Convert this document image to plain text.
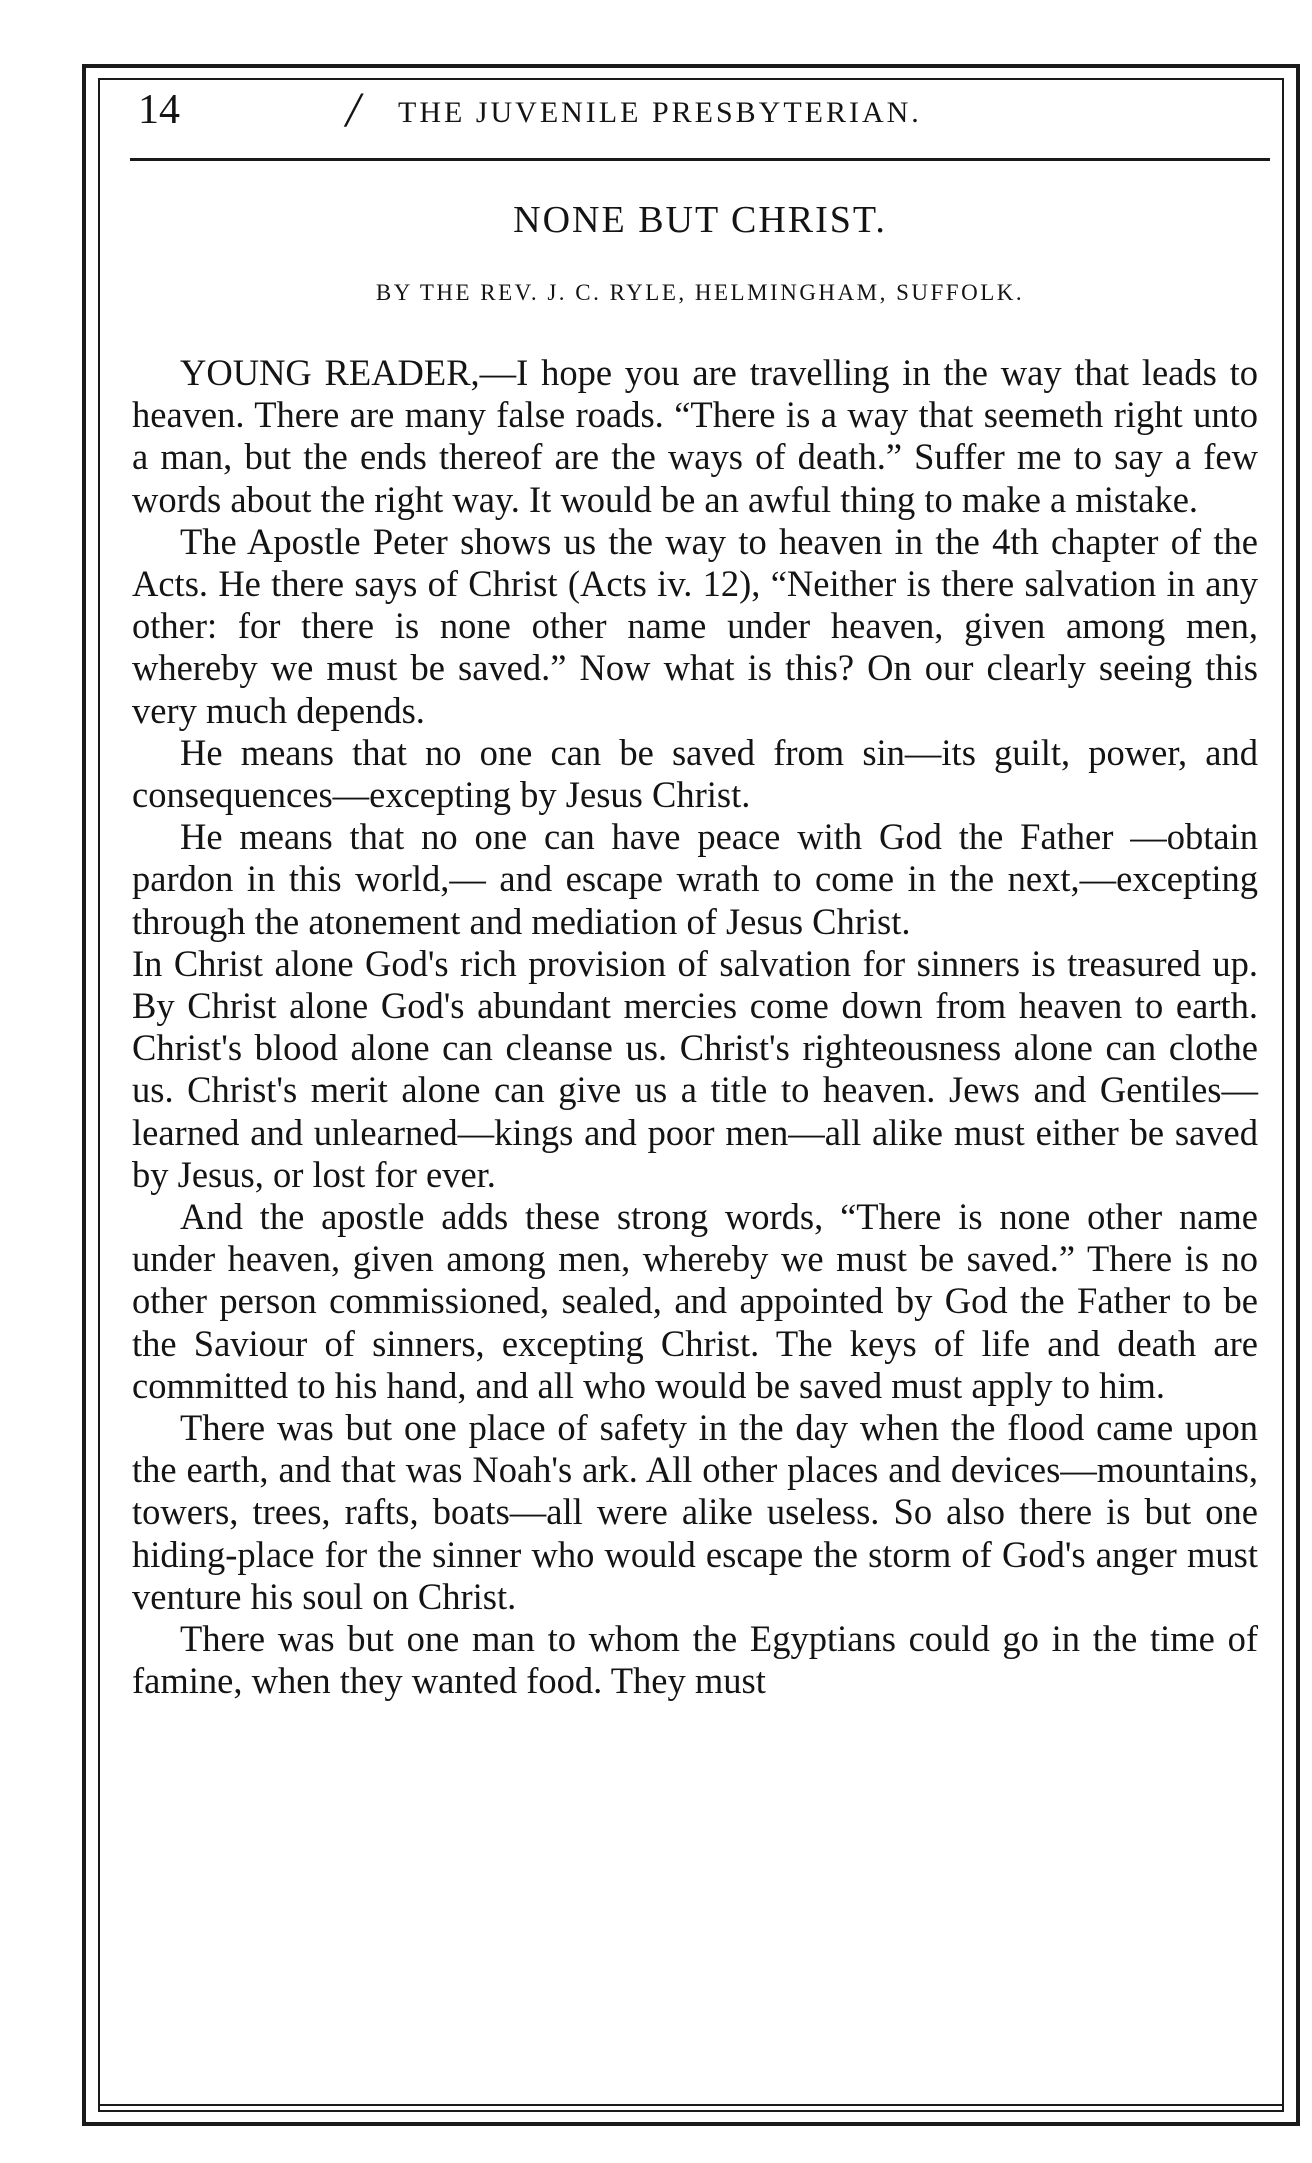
14	/ THE JUVENILE PRESBYTERIAN.
NONE BUT CHRIST.
BY THE REV. J. C. RYLE, HELMINGHAM, SUFFOLK.

YOUNG READER,—I hope you are travelling in the way that leads to heaven. There are many false roads. “There is a way that seemeth right unto a man, but the ends thereof are the ways of death.” Suffer me to say a few words about the right way. It would be an awful thing to make a mistake.

The Apostle Peter shows us the way to heaven in the 4th chapter of the Acts. He there says of Christ (Acts iv. 12), “Neither is there salvation in any other: for there is none other name under heaven, given among men, whereby we must be saved.” Now what is this? On our clearly seeing this very much depends.

He means that no one can be saved from sin—its guilt, power, and consequences—excepting by Jesus Christ.

He means that no one can have peace with God the Father —obtain pardon in this world,— and escape wrath to come in the next,—excepting through the atonement and mediation of Jesus Christ.

In Christ alone God's rich provision of salvation for sinners is treasured up. By Christ alone God's abundant mercies come down from heaven to earth. Christ's blood alone can cleanse us. Christ's righteousness alone can clothe us. Christ's merit alone can give us a title to heaven. Jews and Gentiles—learned and unlearned—kings and poor men—all alike must either be saved by Jesus, or lost for ever.

And the apostle adds these strong words, “There is none other name under heaven, given among men, whereby we must be saved.” There is no other person commissioned, sealed, and appointed by God the Father to be the Saviour of sinners, excepting Christ. The keys of life and death are committed to his hand, and all who would be saved must apply to him.

There was but one place of safety in the day when the flood came upon the earth, and that was Noah's ark. All other places and devices—mountains, towers, trees, rafts, boats—all were alike useless. So also there is but one hiding-place for the sinner who would escape the storm of God's anger must venture his soul on Christ.

There was but one man to whom the Egyptians could go in the time of famine, when they wanted food. They must
